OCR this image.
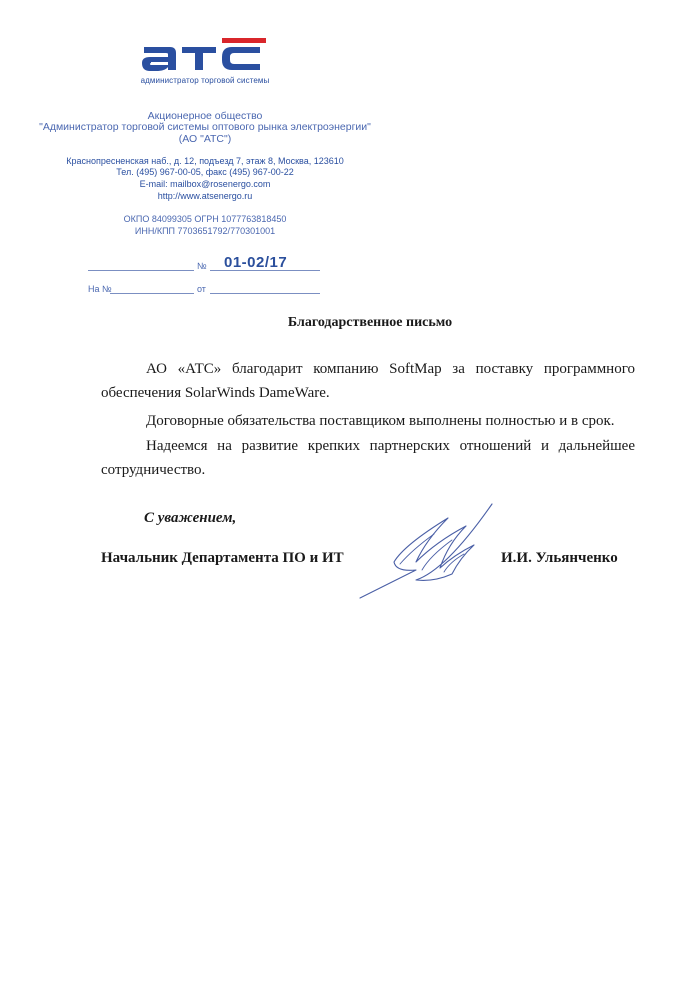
администратор торговой системы
Акционерное общество
"Администратор торговой системы оптового рынка электроэнергии"
(АО "АТС")
Краснопресненская наб., д. 12, подъезд 7, этаж 8, Москва, 123610
Тел. (495) 967-00-05, факс (495) 967-00-22
E-mail: mailbox@rosenergo.com
http://www.atsenergo.ru
ОКПО 84099305 ОГРН 1077763818450
ИНН/КПП 7703651792/770301001
№ 01-02/17
На №	от
Благодарственное письмо
АО «АТС» благодарит компанию SoftMap за поставку программного обеспечения SolarWinds DameWare.
Договорные обязательства поставщиком выполнены полностью и в срок.
Надеемся на развитие крепких партнерских отношений и дальнейшее сотрудничество.
С уважением,
Начальник Департамента ПО и ИТ	И.И. Ульянченко
